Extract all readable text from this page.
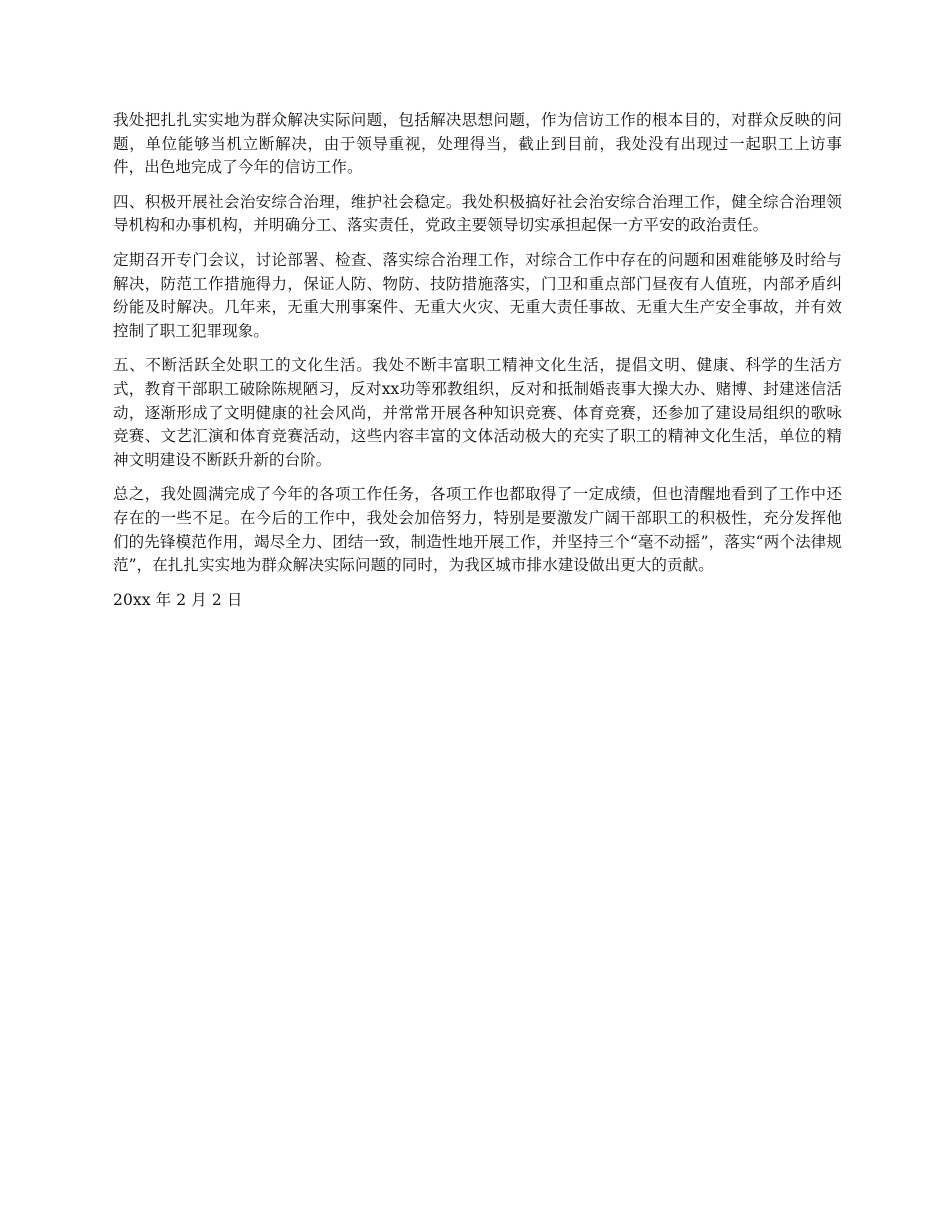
我处把扎扎实实地为群众解决实际问题，包括解决思想问题，作为信访工作的根本目的，对群众反映的问题，单位能够当机立断解决，由于领导重视，处理得当，截止到目前，我处没有出现过一起职工上访事件，出色地完成了今年的信访工作。

四、积极开展社会治安综合治理，维护社会稳定。我处积极搞好社会治安综合治理工作，健全综合治理领导机构和办事机构，并明确分工、落实责任，党政主要领导切实承担起保一方平安的政治责任。

定期召开专门会议，讨论部署、检查、落实综合治理工作，对综合工作中存在的问题和困难能够及时给与解决，防范工作措施得力，保证人防、物防、技防措施落实，门卫和重点部门昼夜有人值班，内部矛盾纠纷能及时解决。几年来，无重大刑事案件、无重大火灾、无重大责任事故、无重大生产安全事故，并有效控制了职工犯罪现象。

五、不断活跃全处职工的文化生活。我处不断丰富职工精神文化生活，提倡文明、健康、科学的生活方式，教育干部职工破除陈规陋习，反对xx功等邪教组织，反对和抵制婚丧事大操大办、赌博、封建迷信活动，逐渐形成了文明健康的社会风尚，并常常开展各种知识竞赛、体育竞赛，还参加了建设局组织的歌咏竞赛、文艺汇演和体育竞赛活动，这些内容丰富的文体活动极大的充实了职工的精神文化生活，单位的精神文明建设不断跃升新的台阶。

总之，我处圆满完成了今年的各项工作任务，各项工作也都取得了一定成绩，但也清醒地看到了工作中还存在的一些不足。在今后的工作中，我处会加倍努力，特别是要激发广阔干部职工的积极性，充分发挥他们的先锋模范作用，竭尽全力、团结一致，制造性地开展工作，并坚持三个“毫不动摇”，落实“两个法律规范”，在扎扎实实地为群众解决实际问题的同时，为我区城市排水建设做出更大的贡献。

20xx 年 2 月 2 日
